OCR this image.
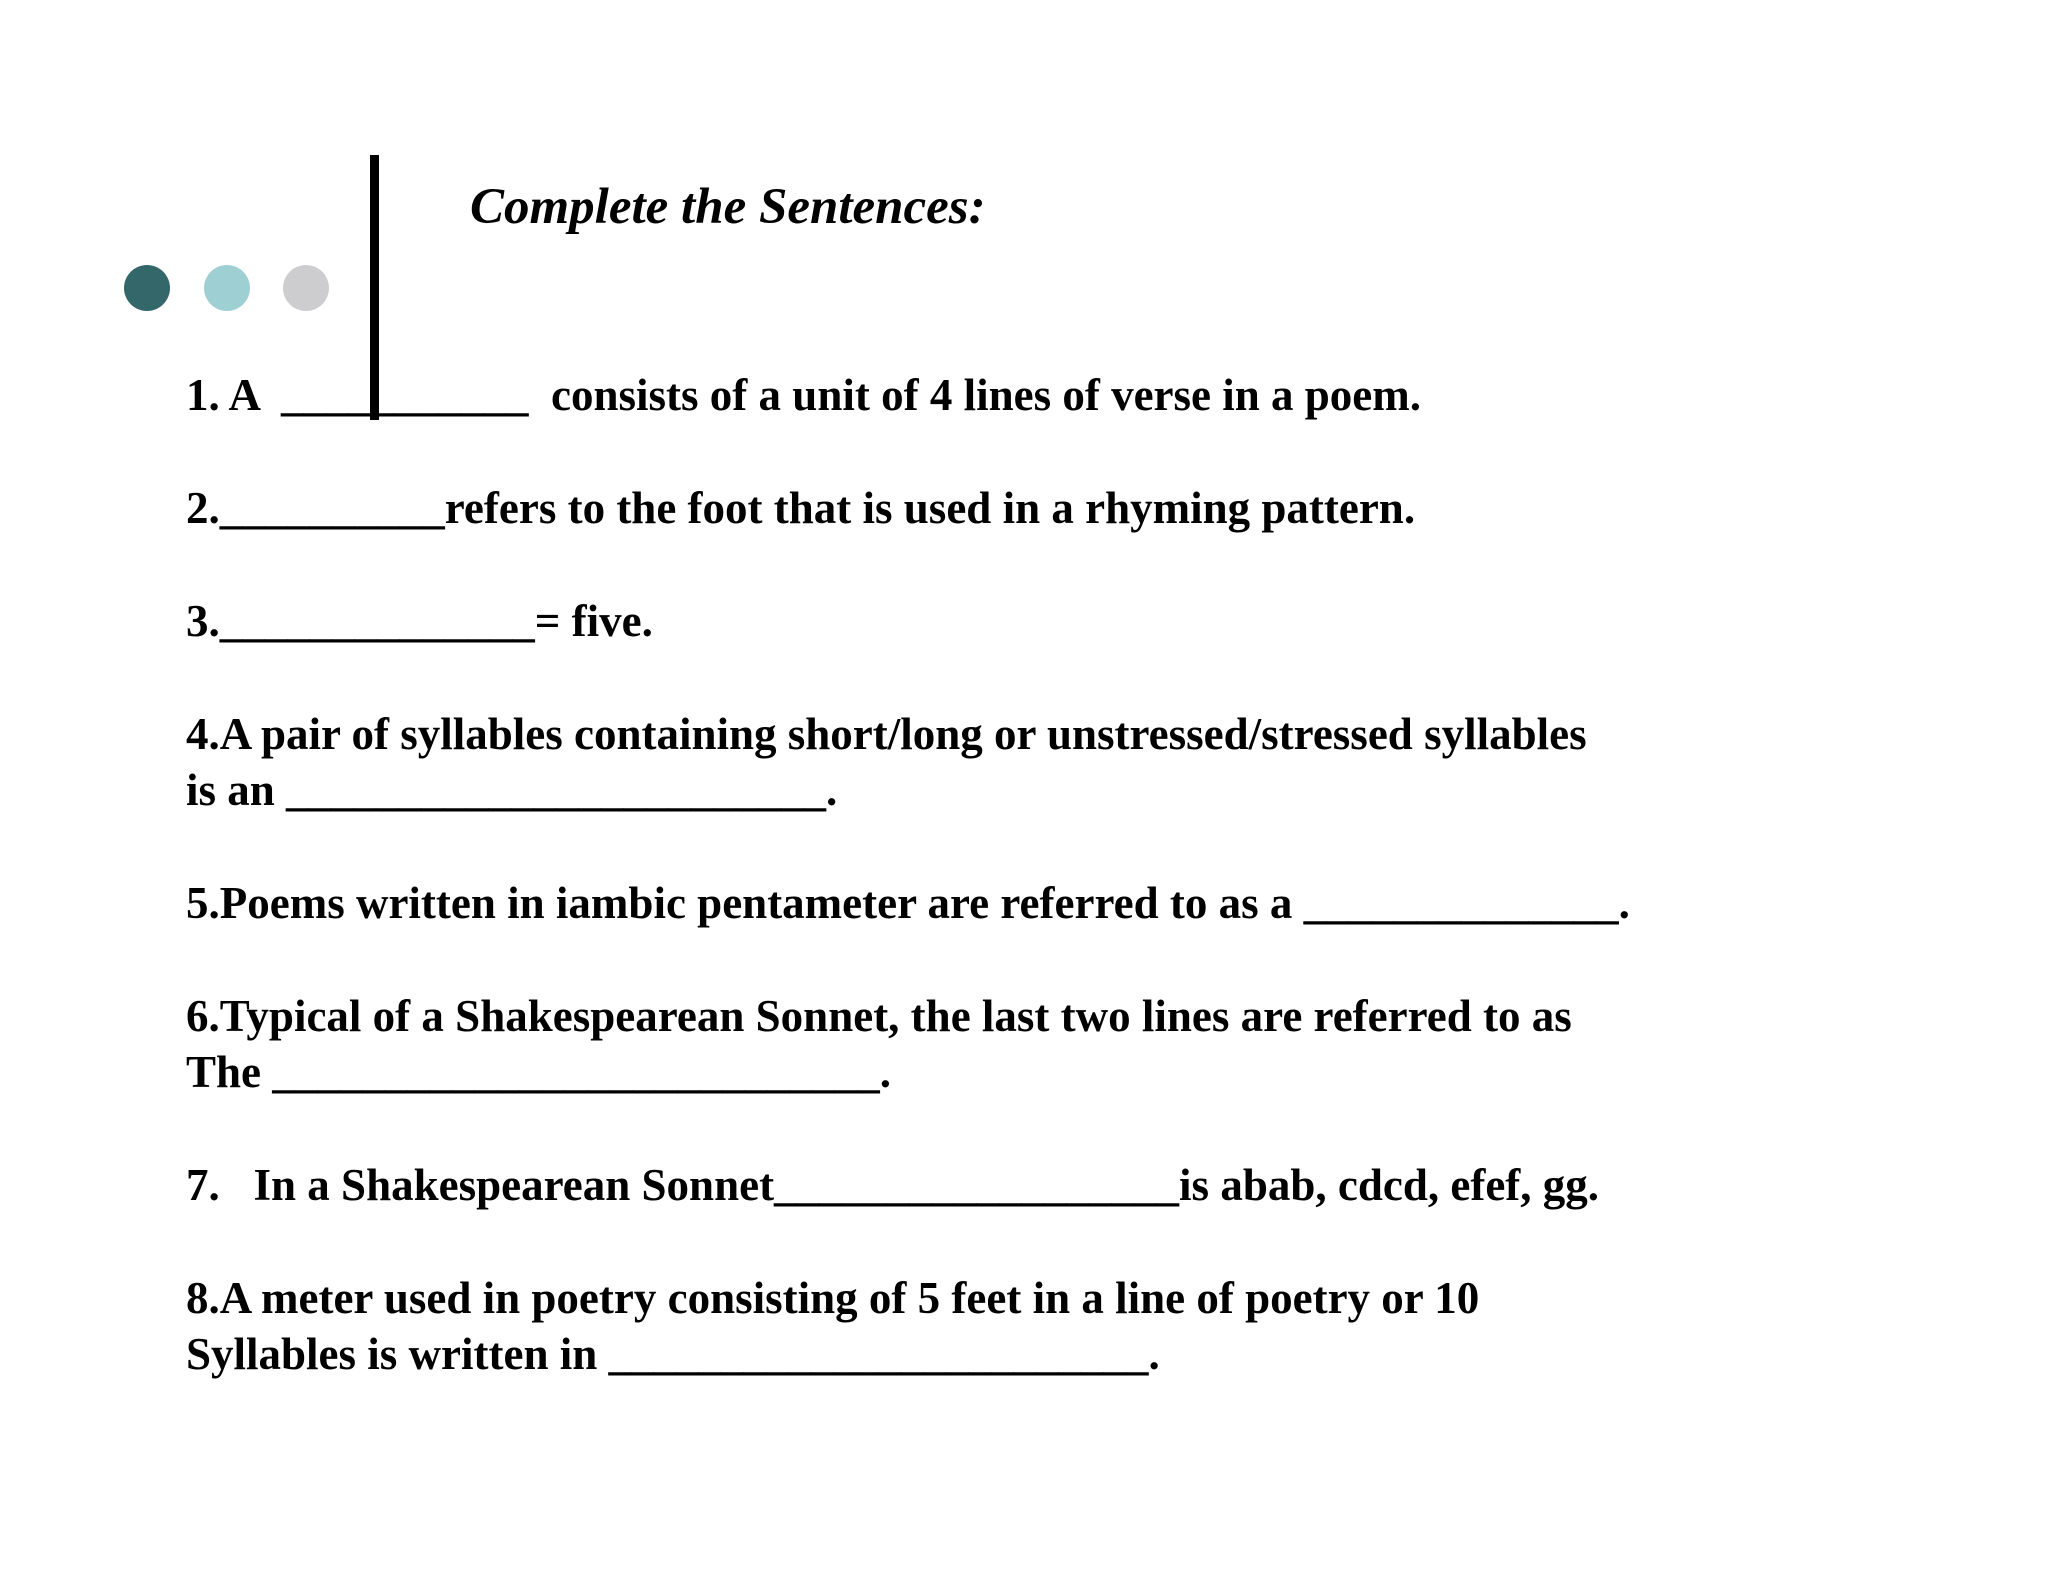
Complete the Sentences:
1. A  ___________  consists of a unit of 4 lines of verse in a poem.
2.__________refers to the foot that is used in a rhyming pattern.
3.______________= five.
4.A pair of syllables containing short/long or unstressed/stressed syllables
is an ________________________.
5.Poems written in iambic pentameter are referred to as a ______________.
6.Typical of a Shakespearean Sonnet, the last two lines are referred to as
The ___________________________.
7.   In a Shakespearean Sonnet__________________is abab, cdcd, efef, gg.
8.A meter used in poetry consisting of 5 feet in a line of poetry or 10
Syllables is written in ________________________.
